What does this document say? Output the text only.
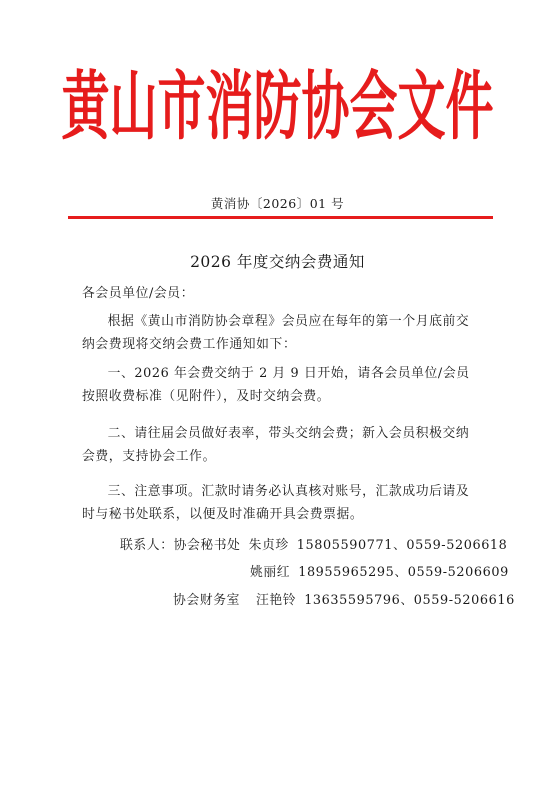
黄山市消防协会文件
黄消协〔2026〕01 号
2026 年度交纳会费通知

各会员单位/会员：

根据《黄山市消防协会章程》会员应在每年的第一个月底前交纳会费现将交纳会费工作通知如下：

一、2026 年会费交纳于 2 月 9 日开始，请各会员单位/会员按照收费标准（见附件），及时交纳会费。

二、请往届会员做好表率，带头交纳会费；新入会员积极交纳会费，支持协会工作。

三、注意事项。汇款时请务必认真核对账号，汇款成功后请及时与秘书处联系，以便及时准确开具会费票据。

联系人：协会秘书处 朱贞珍 15805590771、0559-5206618
姚丽红 18955965295、0559-5206609
协会财务室 汪艳铃 13635595796、0559-5206616
